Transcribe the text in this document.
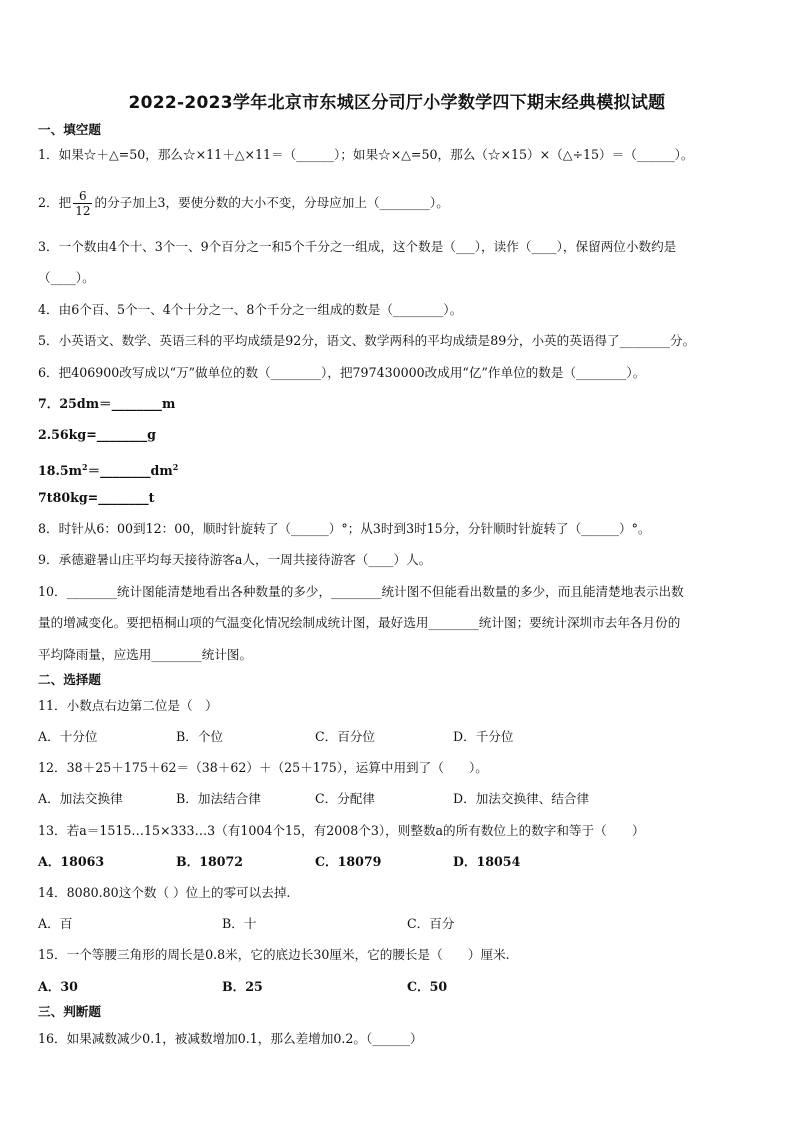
2022-2023学年北京市东城区分司厅小学数学四下期末经典模拟试题
一、填空题
1．如果☆＋△=50，那么☆×11＋△×11＝（______）；如果☆×△=50，那么（☆×15）×（△÷15）＝（______）。
2．把 $\frac{6}{12}$ 的分子加上3，要使分数的大小不变，分母应加上（________）。
3．一个数由4个十、3个一、9个百分之一和5个千分之一组成，这个数是（___），读作（____），保留两位小数约是
（____）。
4．由6个百、5个一、4个十分之一、8个千分之一组成的数是（________）。
5．小英语文、数学、英语三科的平均成绩是92分，语文、数学两科的平均成绩是89分，小英的英语得了________分。
6．把406900改写成以“万”做单位的数（________），把797430000改成用“亿”作单位的数是（________）。
7．25dm＝________m
2.56kg=________g
$18.5m^2=\_\_\_\_\_\_\_\_dm^2$
7t80kg=________t
8．时针从6：00到12：00，顺时针旋转了（______）°；从3时到3时15分，分针顺时针旋转了（______）°。
9．承德避暑山庄平均每天接待游客a人，一周共接待游客（____）人。
10．________统计图能清楚地看出各种数量的多少，________统计图不但能看出数量的多少，而且能清楚地表示出数
量的增减变化。要把梧桐山项的气温变化情况绘制成统计图，最好选用________统计图；要统计深圳市去年各月份的
平均降雨量，应选用________统计图。
二、选择题
11．小数点右边第二位是（　）
A．十分位	B．个位	C．百分位	D．千分位
12．38＋25＋175＋62＝（38＋62）＋（25＋175），运算中用到了（　　）。
A．加法交换律	B．加法结合律	C．分配律	D．加法交换律、结合律
13．若a＝1515…15×333…3（有1004个15，有2008个3），则整数a的所有数位上的数字和等于（　　）
A．18063	B．18072	C．18079	D．18054
14．8080.80这个数（ ）位上的零可以去掉.
A．百	B．十	C．百分
15．一个等腰三角形的周长是0.8米，它的底边长30厘米，它的腰长是（　　）厘米.
A．30	B．25	C．50
三、判断题
16．如果减数减少0.1，被减数增加0.1，那么差增加0.2。（______）
